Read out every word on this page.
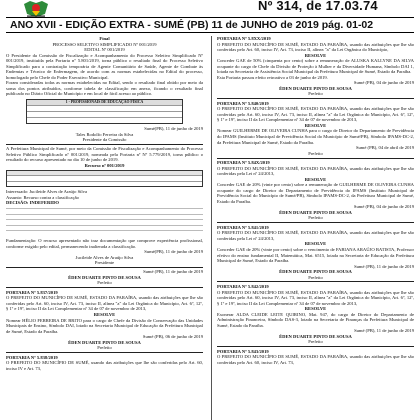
Nº 314, de 17.03.74
ANO XVII - EDIÇÃO EXTRA - SUMÉ (PB) 11 de JUNHO de 2019 pág. 01-02
Final
PROCESSO SELETIVO SIMPLIFICADO Nº 001/2019
EDITAL Nº 001/2019

O Presidente da Comissão de Fiscalização e Acompanhamento do Processo Seletivo Simplificado Nº 001/2019, instituída pela Portaria nº 5.801/2019, torna público o resultado final do Processo Seletivo Simplificado para a contratação temporária de Agente Comunitário de Saúde, Agente de Combate às Endemias e Técnico de Enfermagem, de acordo com as normas estabelecidas no Edital do processo, homologado pelo Chefe do Poder Executivo Municipal.

Foram consideradas todas as normas estabelecidas no Edital, sendo o resultado final obtido por meio da soma dos pontos atribuídos, conforme tabela de classificação em anexo, ficando o resultado final publicado no Diário Oficial do Município e em local de fácil acesso ao público.

1 - PROFISSIONAIS DE EDUCAÇÃO FÍSICA
Sumé(PB), 11 de junho de 2019
Tales Rodolfo Ferreira da Silva
Presidente da Comissão

A Prefeitura Municipal de Sumé, por meio da Comissão de Fiscalização e Acompanhamento do Processo Seletivo Público Simplificado nº 001/2019, nomeada pela Portaria nº Nº 5.779/2019, torna público o resultado do recurso apresentado no dia 10 de junho de 2019.

Recurso nº 001/2019
Interessado: Jucileide Alves de Araújo Silva
Assunto: Recurso contra a classificação
DECISÃO: INDEFERIDO

Fundamentação: O recurso apresentado não traz documentação que comprove experiência profissional, conforme exigido pelo edital, permanecendo inalterada a classificação.

Sumé(PB), 11 de junho de 2019
Jucileide Alves de Araújo Silva
Presidente
Sumé (PB), 11 de junho de 2019
ÉDEN DUARTE PINTO DE SOUSA
Prefeito
PORTARIA Nº 5.837/2019

O PREFEITO DO MUNICÍPIO DE SUMÉ, ESTADO DA PARAÍBA, usando das atribuições que lhe são conferidas pelo Art. 60, inciso IV, Art. 73, inciso II, alínea "a" da Lei Orgânica do Município, Art. 6º, 12º, § 1º e 19º, inciso II da Lei Complementar nº 34 de 07 de novembro de 2013,

RESOLVE

Nomear HÉLIO FERREIRA DE BRITO para o cargo de Chefe da Divisão de Conservação das Unidades Municipais de Ensino, Símbolo DAI, lotado na Secretaria Municipal de Educação da Prefeitura Municipal de Sumé, Estado da Paraíba.

Sumé (PB), 06 de junho de 2019
ÉDEN DUARTE PINTO DE SOUSA
Prefeito
PORTARIA Nº 5.838/2019

O PREFEITO DO MUNICÍPIO DE SUMÉ, usando das atribuições que lhe são conferidas pelo Art. 60, inciso IV e Art. 73,

PORTARIA Nº 5.8XX/2019

O PREFEITO DO MUNICÍPIO DE SUMÉ, ESTADO DA PARAÍBA, usando das atribuições que lhe são conferidas pelo Art. 60, inciso IV, Art. 73, inciso II, alínea "a" da Lei Orgânica do Município,

RESOLVE

Conceder GAE de 50% (cinquenta por cento) sobre a remuneração de ALUSKA KALLYNE DA SILVA ocupante do cargo de Chefe da Divisão de Proteção à Mulher e da Diversidade Humana, Símbolo DAI 1, lotada na Secretaria de Assistência Social Municipal da Prefeitura Municipal de Sumé, Estado da Paraíba.

Esta Portaria passou efeito retroativo a 03 de junho de 2019.

Sumé (PB), 04 de junho de 2019
ÉDEN DUARTE PINTO DE SOUSA
Prefeito
PORTARIA Nº 5.840/2019

O PREFEITO DO MUNICÍPIO DE SUMÉ, ESTADO DA PARAÍBA, usando das atribuições que lhe são conferidas pelo Art. 60, inciso IV, Art. 73, inciso II, alínea "a" da Lei Orgânica do Município, Art. 6º, 12º, § 1º e 19º, inciso II da Lei Complementar nº 34 de 07 de novembro de 2013,

RESOLVE

Nomear GUILHERME DE OLIVEIRA CUNHA para o cargo de Diretor do Departamento de Previdência do IPAMS (Instituto Municipal de Previdência Social do Município de Sumé/PB), Símbolo IPAMS-DC-2, da Prefeitura Municipal de Sumé, Estado da Paraíba.

Sumé (PB), 04 de abril de 2019
Prefeito
PORTARIA Nº 5.84X/2019

O PREFEITO DO MUNICÍPIO DE SUMÉ, ESTADO DA PARAÍBA, usando das atribuições que lhe são conferidas pela Lei nº 24/2013,

RESOLVE

Conceder GAE de 20% (vinte por cento) sobre a remuneração de GUILHERME DE OLIVEIRA CUNHA ocupante do cargo de Diretor do Departamento de Previdência do IPAMS (Instituto Municipal de Previdência Social do Município de Sumé/PB), Símbolo IPAMS-DC-2, da Prefeitura Municipal de Sumé, Estado da Paraíba.

Sumé (PB), 04 de junho de 2019
ÉDEN DUARTE PINTO DE SOUSA
Prefeito
PORTARIA Nº 5.841/2019

O PREFEITO DO MUNICÍPIO DE SUMÉ, ESTADO DA PARAÍBA, usando das atribuições que lhe são conferidas pela Lei nº 24/2013,

RESOLVE

Conceder GAE de 20% (vinte por cento) sobre o vencimento de FABIANA ARAÚJO BATISTA, Professor efetivo do ensino fundamental II, Matemática, Mat. 6515, lotada na Secretaria de Educação da Prefeitura Municipal de Sumé, Estado da Paraíba.

Sumé (PB), 11 de junho de 2019
ÉDEN DUARTE PINTO DE SOUSA
Prefeito
PORTARIA Nº 5.842/2019

O PREFEITO DO MUNICÍPIO DE SUMÉ, ESTADO DA PARAÍBA, usando das atribuições que lhe são conferidas pelo Art. 60, inciso IV, Art. 73, inciso II, alínea "a" da Lei Orgânica do Município, Art. 6º, 12º, § 1º e 19º, inciso II da Lei Complementar nº 34 de 07 de novembro de 2013,

RESOLVE

Exonerar ALDA CLEIDE LEITE QUIRINO, Mat. 947, do cargo de Diretor do Departamento de Administração Financeira, Símbolo DAS-3, lotado na Secretaria de Finanças da Prefeitura Municipal de Sumé, Estado da Paraíba.

Sumé (PB), 11 de junho de 2019
ÉDEN DUARTE PINTO DE SOUSA
Prefeito
PORTARIA Nº 5.843/2019

O PREFEITO DO MUNICÍPIO DE SUMÉ, ESTADO DA PARAÍBA, usando das atribuições que lhe são conferidas pelo Art. 60, inciso IV, Art. 73,
